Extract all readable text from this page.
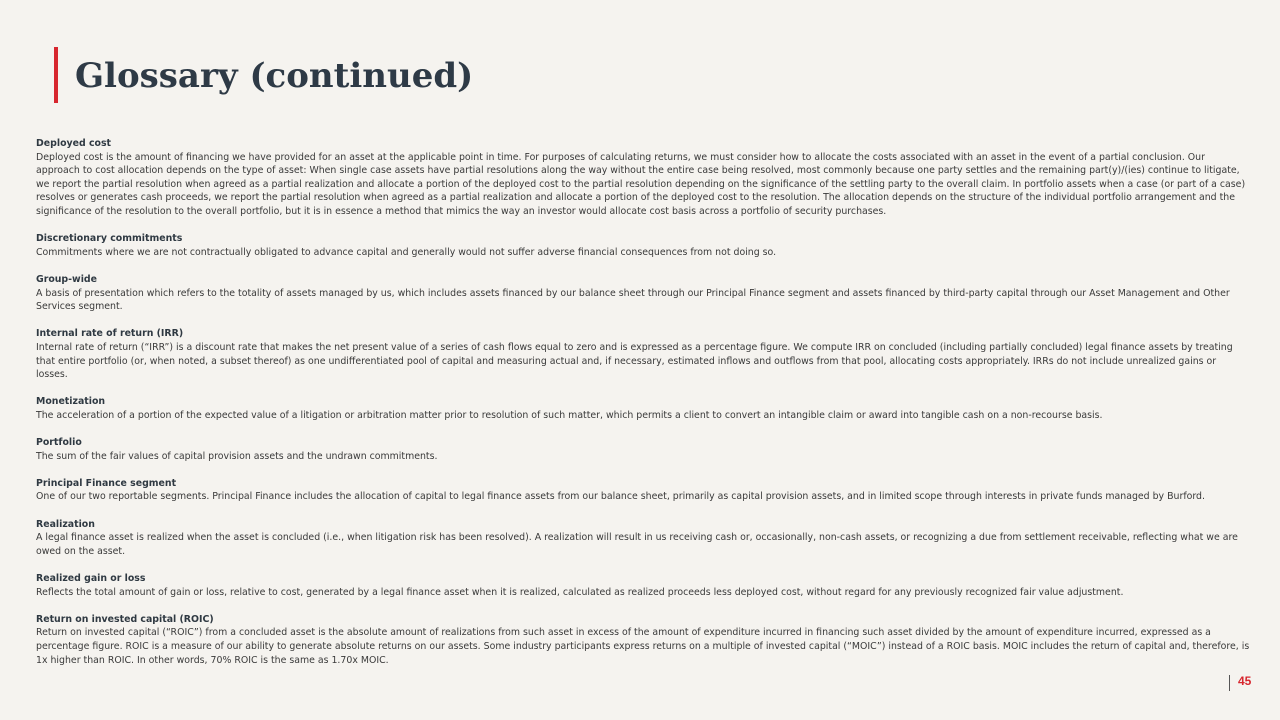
Glossary (continued)
Deployed cost
Deployed cost is the amount of financing we have provided for an asset at the applicable point in time. For purposes of calculating returns, we must consider how to allocate the costs associated with an asset in the event of a partial conclusion. Our approach to cost allocation depends on the type of asset: When single case assets have partial resolutions along the way without the entire case being resolved, most commonly because one party settles and the remaining part(y)/(ies) continue to litigate, we report the partial resolution when agreed as a partial realization and allocate a portion of the deployed cost to the partial resolution depending on the significance of the settling party to the overall claim. In portfolio assets when a case (or part of a case) resolves or generates cash proceeds, we report the partial resolution when agreed as a partial realization and allocate a portion of the deployed cost to the resolution. The allocation depends on the structure of the individual portfolio arrangement and the significance of the resolution to the overall portfolio, but it is in essence a method that mimics the way an investor would allocate cost basis across a portfolio of security purchases.
Discretionary commitments
Commitments where we are not contractually obligated to advance capital and generally would not suffer adverse financial consequences from not doing so.
Group-wide
A basis of presentation which refers to the totality of assets managed by us, which includes assets financed by our balance sheet through our Principal Finance segment and assets financed by third-party capital through our Asset Management and Other Services segment.
Internal rate of return (IRR)
Internal rate of return (“IRR”) is a discount rate that makes the net present value of a series of cash flows equal to zero and is expressed as a percentage figure. We compute IRR on concluded (including partially concluded) legal finance assets by treating that entire portfolio (or, when noted, a subset thereof) as one undifferentiated pool of capital and measuring actual and, if necessary, estimated inflows and outflows from that pool, allocating costs appropriately. IRRs do not include unrealized gains or losses.
Monetization
The acceleration of a portion of the expected value of a litigation or arbitration matter prior to resolution of such matter, which permits a client to convert an intangible claim or award into tangible cash on a non-recourse basis.
Portfolio
The sum of the fair values of capital provision assets and the undrawn commitments.
Principal Finance segment
One of our two reportable segments. Principal Finance includes the allocation of capital to legal finance assets from our balance sheet, primarily as capital provision assets, and in limited scope through interests in private funds managed by Burford.
Realization
A legal finance asset is realized when the asset is concluded (i.e., when litigation risk has been resolved). A realization will result in us receiving cash or, occasionally, non-cash assets, or recognizing a due from settlement receivable, reflecting what we are owed on the asset.
Realized gain or loss
Reflects the total amount of gain or loss, relative to cost, generated by a legal finance asset when it is realized, calculated as realized proceeds less deployed cost, without regard for any previously recognized fair value adjustment.
Return on invested capital (ROIC)
Return on invested capital (“ROIC”) from a concluded asset is the absolute amount of realizations from such asset in excess of the amount of expenditure incurred in financing such asset divided by the amount of expenditure incurred, expressed as a percentage figure. ROIC is a measure of our ability to generate absolute returns on our assets. Some industry participants express returns on a multiple of invested capital (“MOIC”) instead of a ROIC basis. MOIC includes the return of capital and, therefore, is 1x higher than ROIC. In other words, 70% ROIC is the same as 1.70x MOIC.
45
